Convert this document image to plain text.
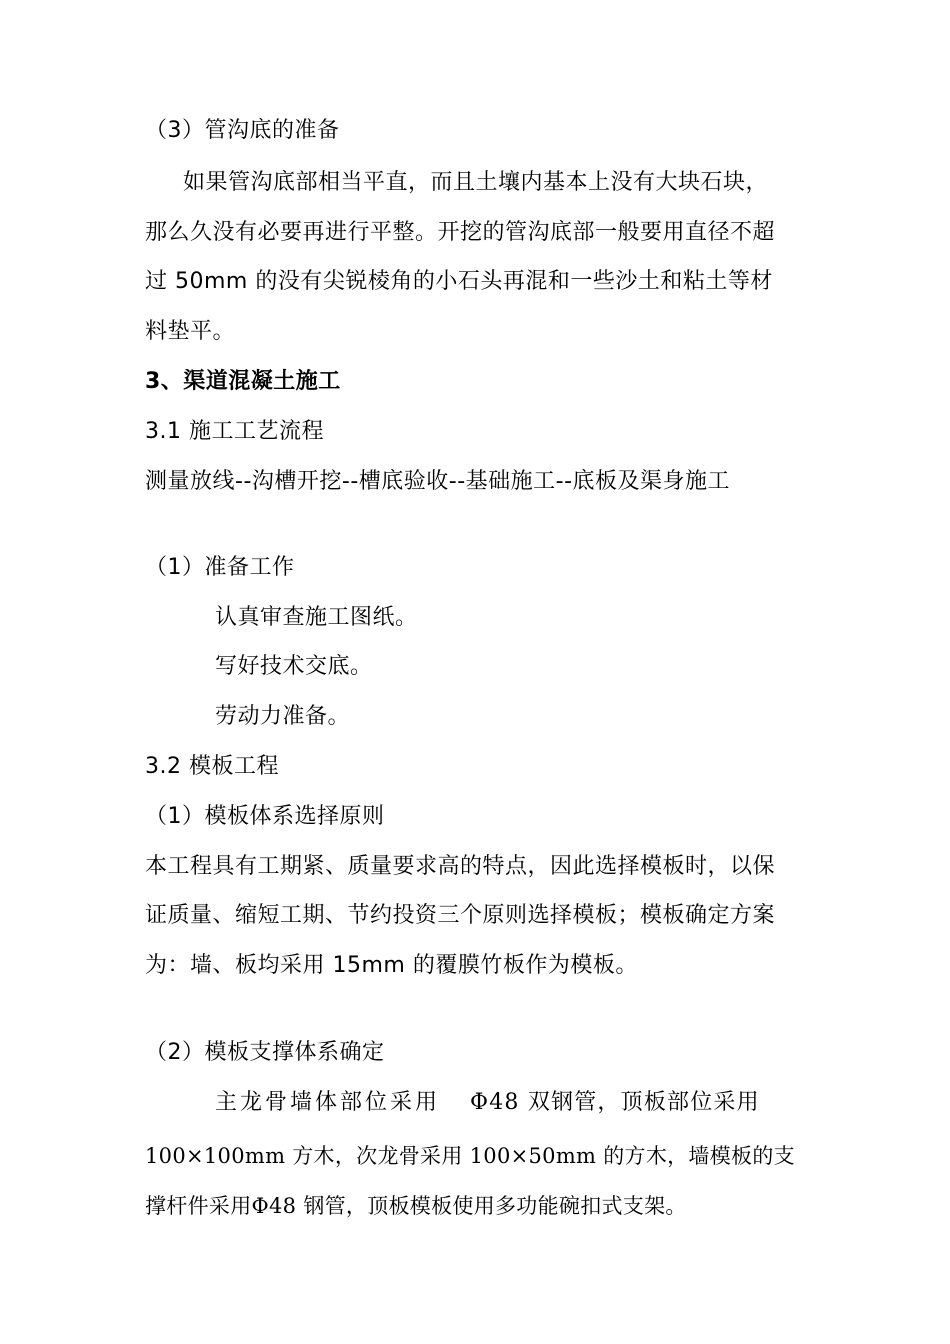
（3）管沟底的准备
如果管沟底部相当平直，而且土壤内基本上没有大块石块，
那么久没有必要再进行平整。开挖的管沟底部一般要用直径不超
过 50mm 的没有尖锐棱角的小石头再混和一些沙土和粘土等材
料垫平。
3、渠道混凝土施工
3.1 施工工艺流程
测量放线--沟槽开挖--槽底验收--基础施工--底板及渠身施工
（1）准备工作
认真审查施工图纸。
写好技术交底。
劳动力准备。
3.2 模板工程
（1）模板体系选择原则
本工程具有工期紧、质量要求高的特点，因此选择模板时，以保
证质量、缩短工期、节约投资三个原则选择模板；模板确定方案
为：墙、板均采用 15mm 的覆膜竹板作为模板。
（2）模板支撑体系确定
主龙骨墙体部位采用	Φ48 双钢管，顶板部位采用
100×100mm 方木，次龙骨采用 100×50mm 的方木，墙模板的支
撑杆件采用Φ48 钢管，顶板模板使用多功能碗扣式支架。
